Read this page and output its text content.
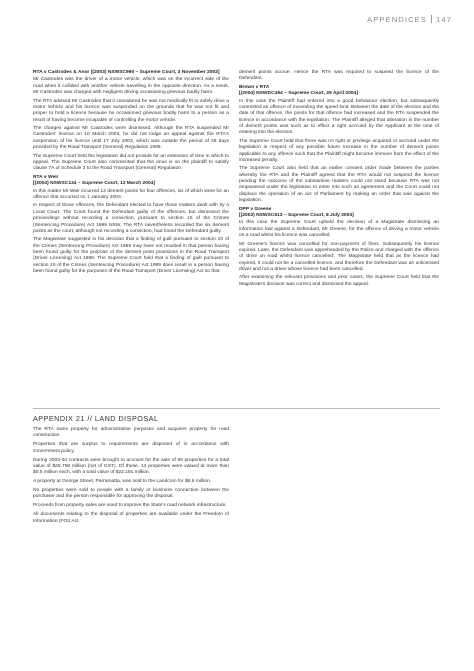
APPENDICES 147

RTA v Castrodes & Anor [(2003) NSWSC990 – Supreme Court, 3 November 2003]

Mr Castrodes was the driver of a motor vehicle, which was on the incorrect side of the road when it collided with another vehicle travelling in the opposite direction. As a result, Mr Castrodes was charged with negligent driving occasioning grievous bodily harm.

The RTA advised Mr Castrodes that it considered he was not medically fit to safely drive a motor vehicle and his licence was suspended on the grounds that he was not fit and proper to hold a licence because he occasioned grievous bodily harm to a person as a result of having become incapable of controlling the motor vehicle.

The charges against Mr Castrodes were dismissed. Although the RTA suspended Mr Castrodes' licence on 10 March 2003, he did not lodge an appeal against the RTA's suspension of his licence until 17 July 2003, which was outside the period of 28 days provided by the Road Transport (General) Regulation 1999.

The Supreme Court held the legislation did not provide for an extension of time in which to appeal. The Supreme Court also commented that the onus is on the plaintiff to satisfy clause 7A of Schedule 2 to the Road Transport (General) Regulation.

RTA v Weir

[(2004) NSWSC134 – Supreme Court, 12 March 2004]

In this matter Mr Weir incurred 12 demerit points for four offences, six of which were for an offence that occurred on 1 January 2003.

In respect of those offences, the Defendant elected to have those matters dealt with by a Local Court. The Court found the Defendant guilty of the offences, but dismissed the proceedings without recording a conviction, pursuant to section 10 of the Crimes (Sentencing Procedure) Act 1999 NSW. The RTA nevertheless recorded the six demerit points as the court, although not recording a conviction, had found the Defendant guilty.

The Magistrate suggested in his decision that a finding of guilt pursuant to section 10 of the Crimes (Sentencing Procedure) Act 1999 may have not resulted in that person having been found guilty for the purpose of the demerit point provisions in the Road Transport (Driver Licensing) Act 1998. The Supreme Court held that a finding of guilt pursuant to section 10 of the Crimes (Sentencing Procedure) Act 1999 does result in a person having been found guilty for the purposes of the Road Transport (Driver Licensing) Act so that

demerit points accrue. Hence the RTA was required to suspend the licence of the Defendant.

Brown v RTA

[(2004) NSWDC494 – Supreme Court, 29 April 2004]

In this case the Plaintiff had entered into a good behaviour election, but subsequently committed an offence of exceeding the speed limit. Between the date of the election and the date of that offence, the points for that offence had increased and the RTA suspended the licence in accordance with the legislation. The Plaintiff alleged that alteration in the number of demerit points was such as to effect a right accrued by the Applicant at the time of entering into the election.

The Supreme Court held that there was no right or privilege acquired or accrued under the legislation in respect of any possible future increase in the number of demerit points applicable to any offence such that the Plaintiff might become immune from the effect of the increased penalty.

The Supreme Court also held that an earlier consent order made between the parties whereby the RTA and the Plaintiff agreed that the RTA would not suspend the licence pending the outcome of the substantive matters could not stand because RTA was not empowered under the legislation to enter into such an agreement and the Court could not displace the operation of an act of Parliament by making an order that was against the legislation.

DPP v Greene

[(2003) NSWSC613 – Supreme Court, 8 July 2003]

In this case the Supreme Court upheld the decision of a Magistrate dismissing an information laid against a Defendant, Mr Greene, for the offence of driving a motor vehicle on a road whilst his licence was cancelled.

Mr Greene's licence was cancelled for non-payment of fines. Subsequently his licence expired. Later, the Defendant was apprehended by the Police and charged with the offence of 'drive on road whilst licence cancelled'. The Magistrate held that as the licence had expired, it could not be a cancelled licence, and therefore the Defendant was an unlicensed driver and not a driver whose licence had been cancelled.

After examining the relevant provisions and prior cases, the Supreme Court held that the Magistrate's decision was correct and dismissed the appeal.

APPENDIX 21 // LAND DISPOSAL

The RTA owns property for administrative purposes and acquires property for road construction.

Properties that are surplus to requirements are disposed of in accordance with Government policy.

During 2003-04 contracts were brought to account for the sale of 90 properties for a total value of $26.758 million (net of GST). Of these, 14 properties were valued at more than $0.5 million each, with a total value of $22.191 million.

A property at George Street, Parramatta, was sold to the Landcom for $6.6 million.

No properties were sold to people with a family or business connection between the purchaser and the person responsible for approving the disposal.

Proceeds from property sales are used to improve the State's road network infrastructure.

All documents relating to the disposal of properties are available under the Freedom of Information (FOI) Act.
